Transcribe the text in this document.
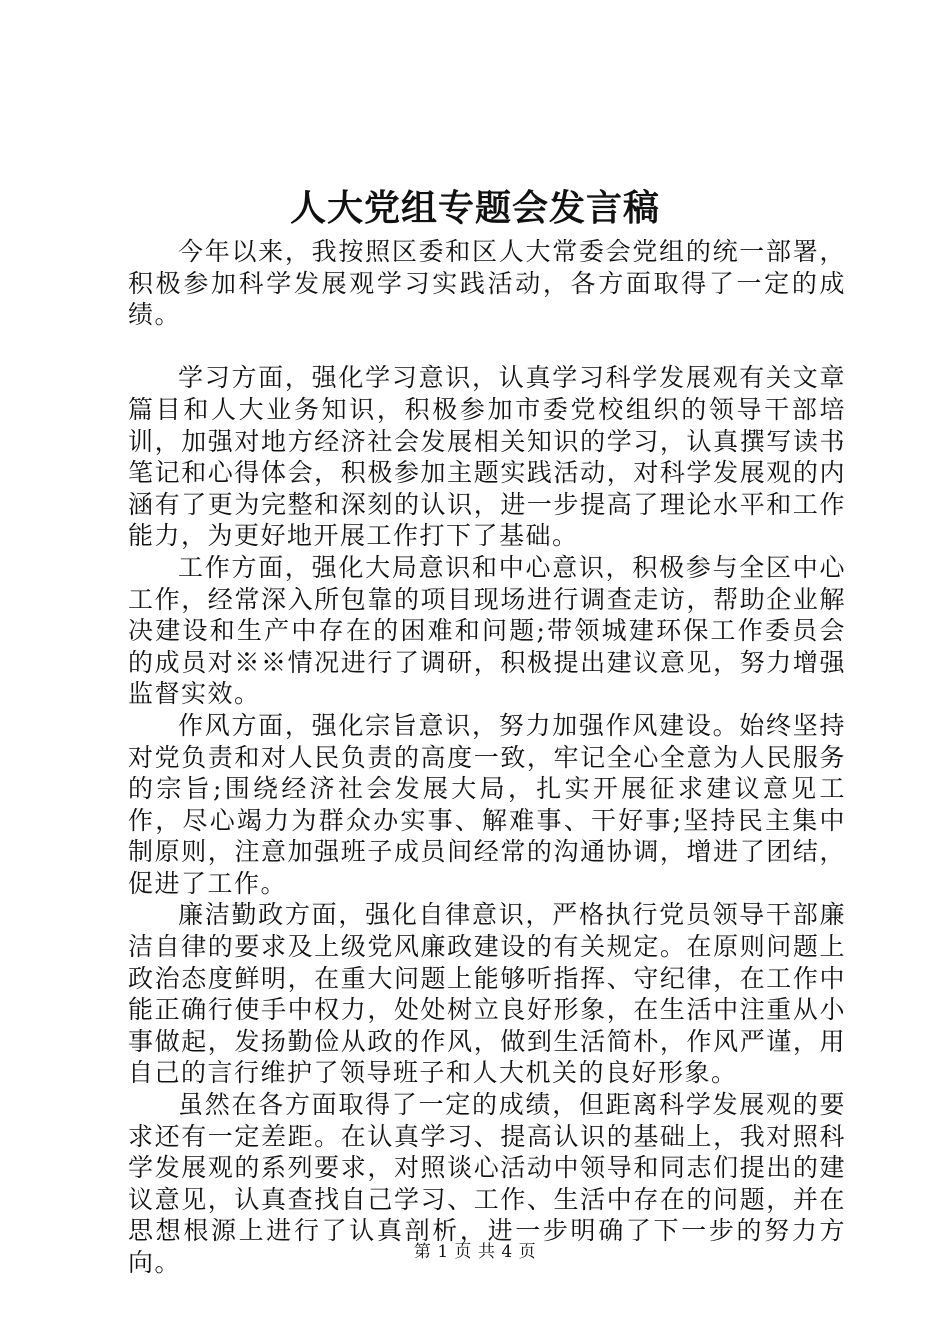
人大党组专题会发言稿

今年以来，我按照区委和区人大常委会党组的统一部署，积极参加科学发展观学习实践活动，各方面取得了一定的成绩。

学习方面，强化学习意识，认真学习科学发展观有关文章篇目和人大业务知识，积极参加市委党校组织的领导干部培训，加强对地方经济社会发展相关知识的学习，认真撰写读书笔记和心得体会，积极参加主题实践活动，对科学发展观的内涵有了更为完整和深刻的认识，进一步提高了理论水平和工作能力，为更好地开展工作打下了基础。

工作方面，强化大局意识和中心意识，积极参与全区中心工作，经常深入所包靠的项目现场进行调查走访，帮助企业解决建设和生产中存在的困难和问题;带领城建环保工作委员会的成员对※※情况进行了调研，积极提出建议意见，努力增强监督实效。

作风方面，强化宗旨意识，努力加强作风建设。始终坚持对党负责和对人民负责的高度一致，牢记全心全意为人民服务的宗旨;围绕经济社会发展大局，扎实开展征求建议意见工作，尽心竭力为群众办实事、解难事、干好事;坚持民主集中制原则，注意加强班子成员间经常的沟通协调，增进了团结，促进了工作。

廉洁勤政方面，强化自律意识，严格执行党员领导干部廉洁自律的要求及上级党风廉政建设的有关规定。在原则问题上政治态度鲜明，在重大问题上能够听指挥、守纪律，在工作中能正确行使手中权力，处处树立良好形象，在生活中注重从小事做起，发扬勤俭从政的作风，做到生活简朴，作风严谨，用自己的言行维护了领导班子和人大机关的良好形象。

虽然在各方面取得了一定的成绩，但距离科学发展观的要求还有一定差距。在认真学习、提高认识的基础上，我对照科学发展观的系列要求，对照谈心活动中领导和同志们提出的建议意见，认真查找自己学习、工作、生活中存在的问题，并在思想根源上进行了认真剖析，进一步明确了下一步的努力方向。	第 1 页 共 4 页
